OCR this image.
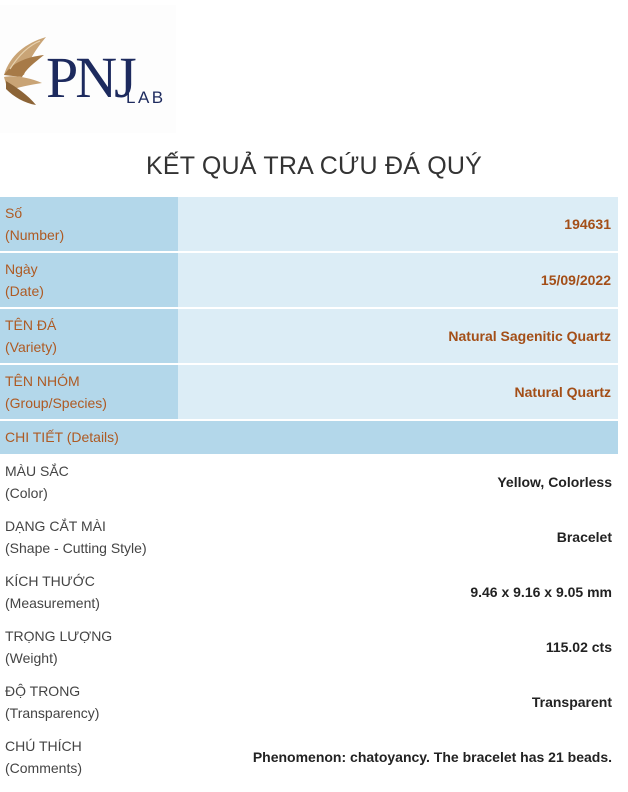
PNJ
LAB
KẾT QUẢ TRA CỨU ĐÁ QUÝ
Số
(Number)	194631

Ngày
(Date)	15/09/2022

TÊN ĐÁ
(Variety)	Natural Sagenitic Quartz

TÊN NHÓM
(Group/Species)	Natural Quartz
CHI TIẾT (Details)
MÀU SẮC
(Color)	Yellow, Colorless

DẠNG CẮT MÀI
(Shape - Cutting Style)	Bracelet

KÍCH THƯỚC
(Measurement)	9.46 x 9.16 x 9.05 mm

TRỌNG LƯỢNG
(Weight)	115.02 cts

ĐỘ TRONG
(Transparency)	Transparent

CHÚ THÍCH
(Comments)	Phenomenon: chatoyancy. The bracelet has 21 beads.
